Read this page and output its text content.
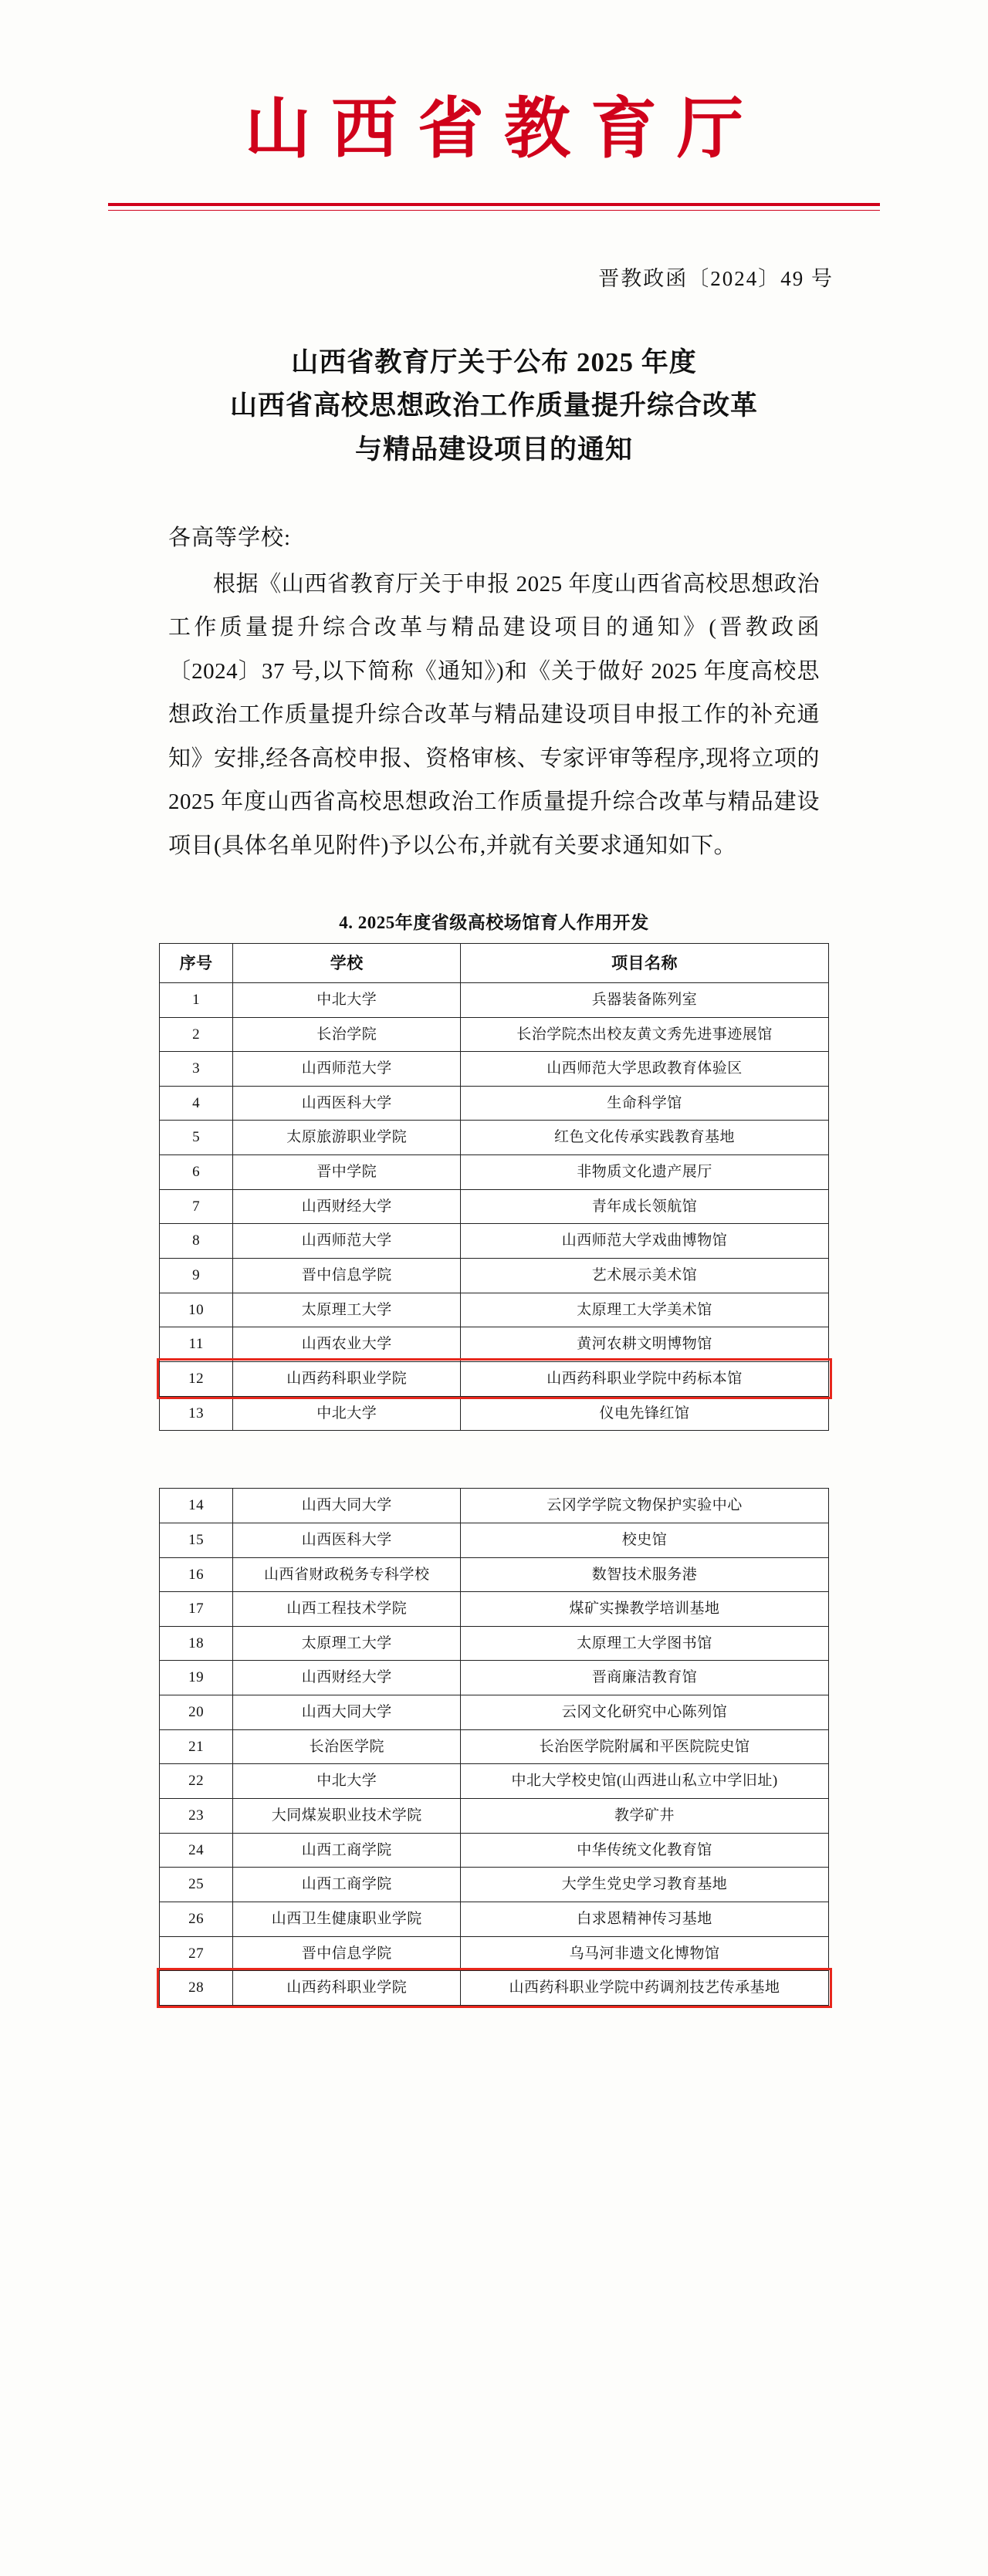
山西省教育厅
晋教政函〔2024〕49 号
山西省教育厅关于公布 2025 年度
山西省高校思想政治工作质量提升综合改革
与精品建设项目的通知
各高等学校:
根据《山西省教育厅关于申报 2025 年度山西省高校思想政治工作质量提升综合改革与精品建设项目的通知》(晋教政函〔2024〕37 号,以下简称《通知》)和《关于做好 2025 年度高校思想政治工作质量提升综合改革与精品建设项目申报工作的补充通知》安排,经各高校申报、资格审核、专家评审等程序,现将立项的 2025 年度山西省高校思想政治工作质量提升综合改革与精品建设项目(具体名单见附件)予以公布,并就有关要求通知如下。
4. 2025年度省级高校场馆育人作用开发
序号	学校	项目名称
1	中北大学	兵器装备陈列室
2	长治学院	长治学院杰出校友黄文秀先进事迹展馆
3	山西师范大学	山西师范大学思政教育体验区
4	山西医科大学	生命科学馆
5	太原旅游职业学院	红色文化传承实践教育基地
6	晋中学院	非物质文化遗产展厅
7	山西财经大学	青年成长领航馆
8	山西师范大学	山西师范大学戏曲博物馆
9	晋中信息学院	艺术展示美术馆
10	太原理工大学	太原理工大学美术馆
11	山西农业大学	黄河农耕文明博物馆
12	山西药科职业学院	山西药科职业学院中药标本馆
13	中北大学	仪电先锋红馆
14	山西大同大学	云冈学学院文物保护实验中心
15	山西医科大学	校史馆
16	山西省财政税务专科学校	数智技术服务港
17	山西工程技术学院	煤矿实操教学培训基地
18	太原理工大学	太原理工大学图书馆
19	山西财经大学	晋商廉洁教育馆
20	山西大同大学	云冈文化研究中心陈列馆
21	长治医学院	长治医学院附属和平医院院史馆
22	中北大学	中北大学校史馆(山西进山私立中学旧址)
23	大同煤炭职业技术学院	教学矿井
24	山西工商学院	中华传统文化教育馆
25	山西工商学院	大学生党史学习教育基地
26	山西卫生健康职业学院	白求恩精神传习基地
27	晋中信息学院	乌马河非遗文化博物馆
28	山西药科职业学院	山西药科职业学院中药调剂技艺传承基地
